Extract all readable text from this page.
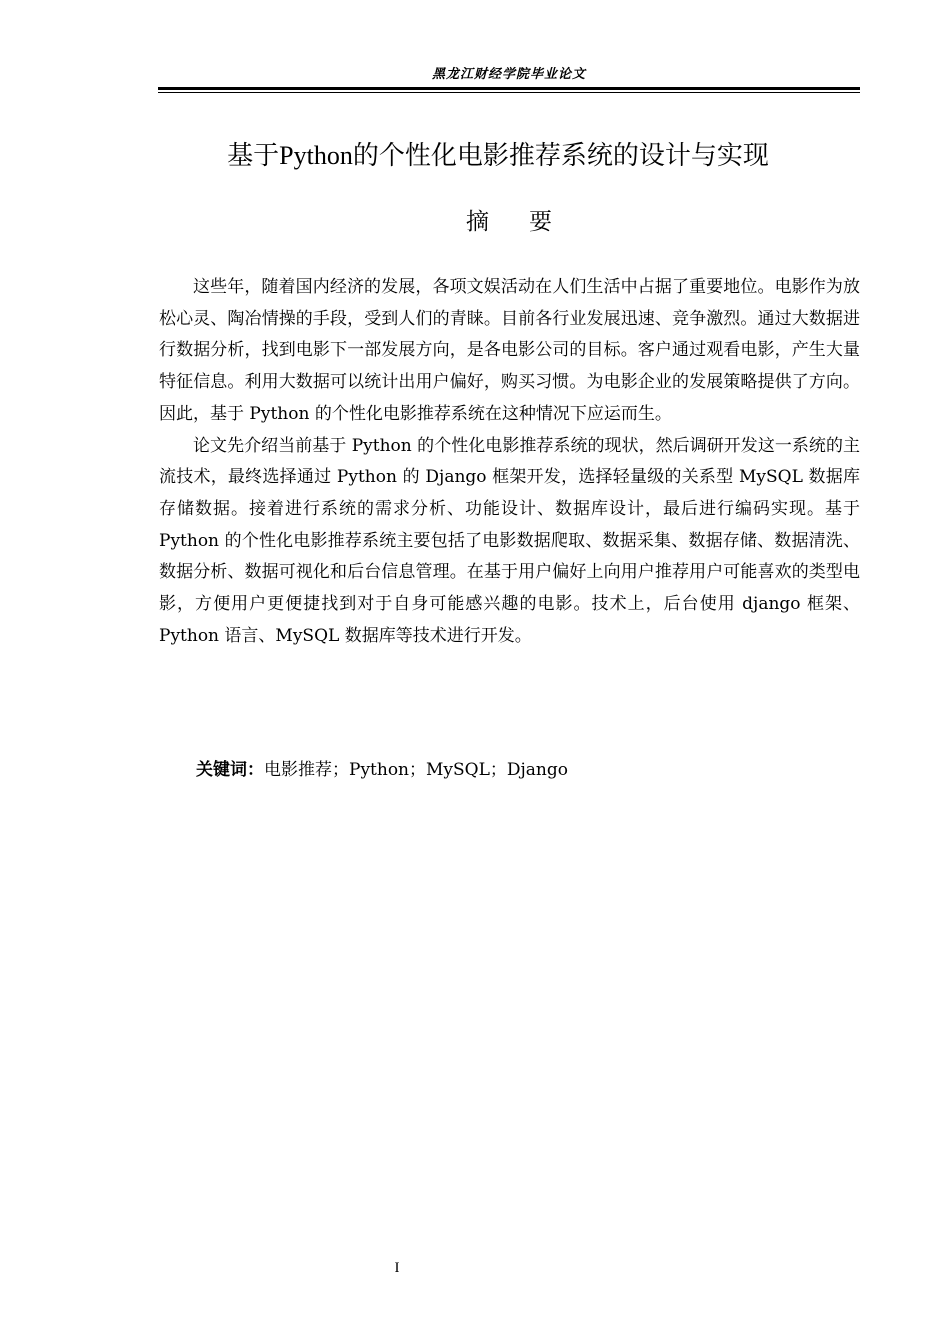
黑龙江财经学院毕业论文
基于Python的个性化电影推荐系统的设计与实现
摘要

这些年，随着国内经济的发展，各项文娱活动在人们生活中占据了重要地位。电影作为放松心灵、陶冶情操的手段，受到人们的青睐。目前各行业发展迅速、竞争激烈。通过大数据进行数据分析，找到电影下一部发展方向，是各电影公司的目标。客户通过观看电影，产生大量特征信息。利用大数据可以统计出用户偏好，购买习惯。为电影企业的发展策略提供了方向。因此，基于 Python 的个性化电影推荐系统在这种情况下应运而生。

论文先介绍当前基于 Python 的个性化电影推荐系统的现状，然后调研开发这一系统的主流技术，最终选择通过 Python 的 Django 框架开发，选择轻量级的关系型 MySQL 数据库存储数据。接着进行系统的需求分析、功能设计、数据库设计，最后进行编码实现。基于 Python 的个性化电影推荐系统主要包括了电影数据爬取、数据采集、数据存储、数据清洗、数据分析、数据可视化和后台信息管理。在基于用户偏好上向用户推荐用户可能喜欢的类型电影，方便用户更便捷找到对于自身可能感兴趣的电影。技术上，后台使用 django 框架、Python 语言、MySQL 数据库等技术进行开发。

关键词：电影推荐；Python；MySQL；Django
I
